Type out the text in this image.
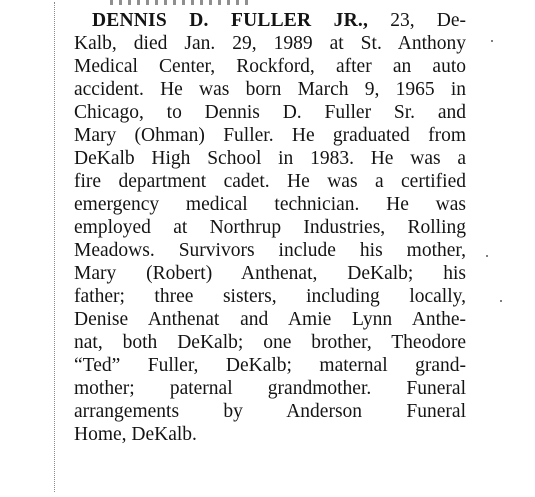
DENNIS D. FULLER JR., 23, De-
Kalb, died Jan. 29, 1989 at St. Anthony
Medical Center, Rockford, after an auto
accident. He was born March 9, 1965 in
Chicago, to Dennis D. Fuller Sr. and
Mary (Ohman) Fuller. He graduated from
DeKalb High School in 1983. He was a
fire department cadet. He was a certified
emergency medical technician. He was
employed at Northrup Industries, Rolling
Meadows. Survivors include his mother,
Mary (Robert) Anthenat, DeKalb; his
father; three sisters, including locally,
Denise Anthenat and Amie Lynn Anthe-
nat, both DeKalb; one brother, Theodore
“Ted” Fuller, DeKalb; maternal grand-
mother; paternal grandmother. Funeral
arrangements by Anderson Funeral
Home, DeKalb.
